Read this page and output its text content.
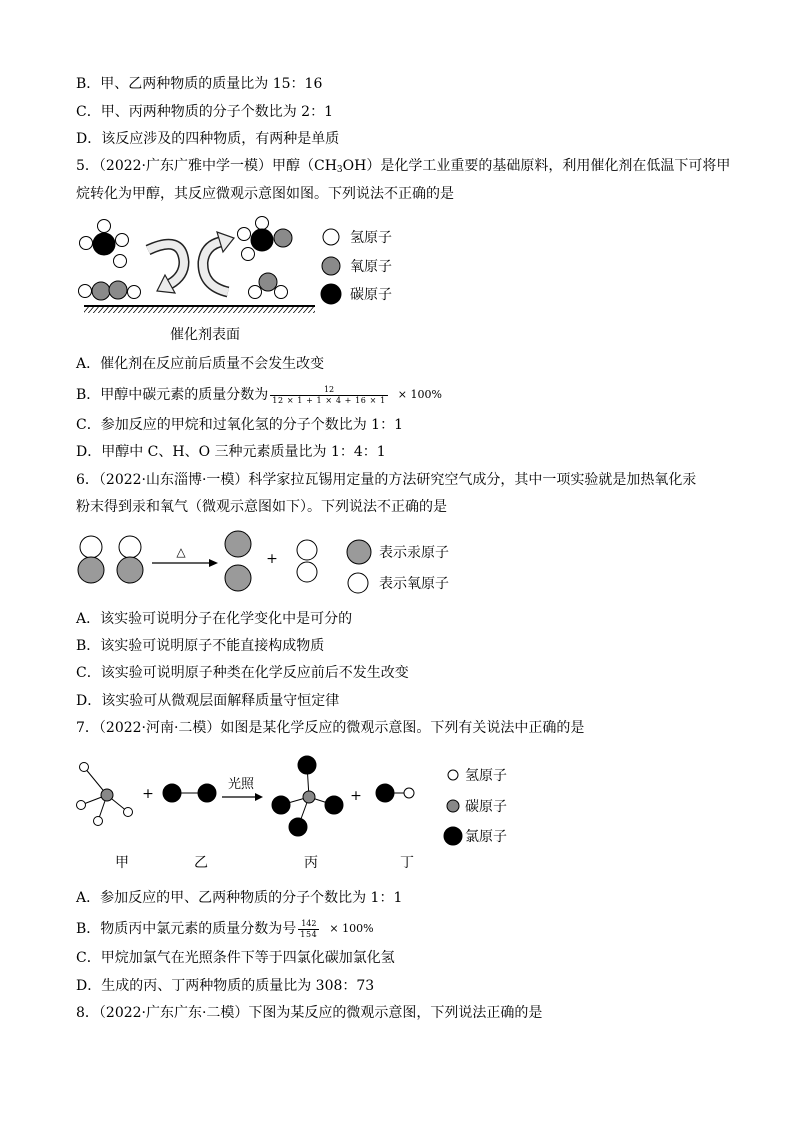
B．甲、乙两种物质的质量比为 15：16
C．甲、丙两种物质的分子个数比为 2：1
D．该反应涉及的四种物质，有两种是单质
5．（2022·广东广雅中学一模）甲醇$(CH_3OH)$是化学工业重要的基础原料，利用催化剂在低温下可将甲
烷转化为甲醇，其反应微观示意图如图。下列说法不正确的是
催化剂表面
氢原子
氧原子
碳原子
A．催化剂在反应前后质量不会发生改变
B．甲醇中碳元素的质量分数为 $\frac{12}{12 \times 1 + 1 \times 4 + 16 \times 1} \times 100\%$
C．参加反应的甲烷和过氧化氢的分子个数比为 1：1
D．甲醇中 C、H、O 三种元素质量比为 1：4：1
6．（2022·山东淄博·一模）科学家拉瓦锡用定量的方法研究空气成分，其中一项实验就是加热氧化汞
粉末得到汞和氧气（微观示意图如下）。下列说法不正确的是
△	+	表示汞原子
表示氧原子
A．该实验可说明分子在化学变化中是可分的
B．该实验可说明原子不能直接构成物质
C．该实验可说明原子种类在化学反应前后不发生改变
D．该实验可从微观层面解释质量守恒定律
7．（2022·河南·二模）如图是某化学反应的微观示意图。下列有关说法中正确的是
+
光照
+
氢原子
碳原子
氯原子
甲	乙	丙	丁
A．参加反应的甲、乙两种物质的分子个数比为 1：1
B．物质丙中氯元素的质量分数为号 $\frac{142}{154} \times 100\%$
C．甲烷加氯气在光照条件下等于四氯化碳加氯化氢
D．生成的丙、丁两种物质的质量比为 308：73
8．（2022·广东广东·二模）下图为某反应的微观示意图，下列说法正确的是
